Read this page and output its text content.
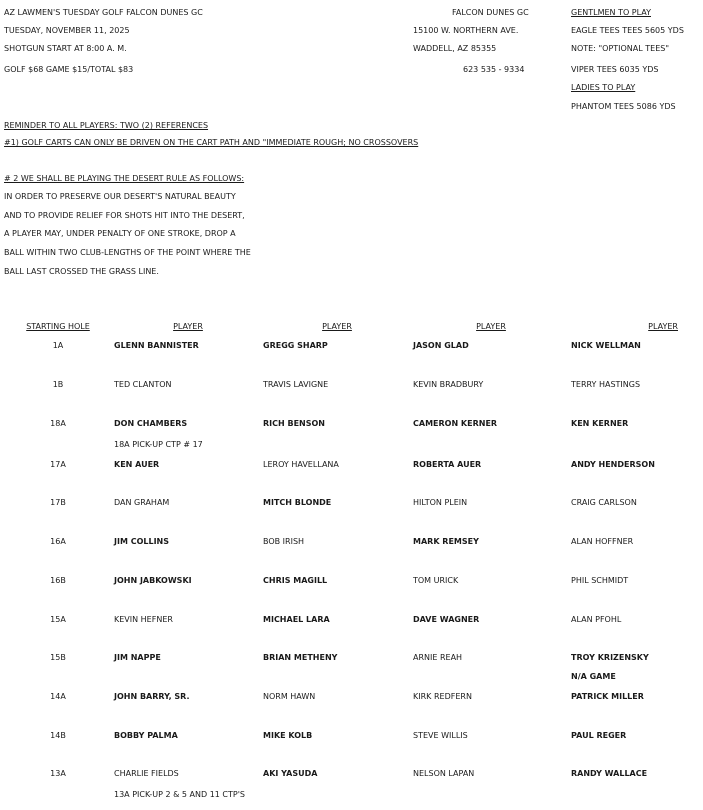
AZ LAWMEN'S TUESDAY GOLF FALCON DUNES GC
TUESDAY, NOVEMBER 11, 2025
SHOTGUN START AT 8:00 A. M.
GOLF $68 GAME $15/TOTAL $83
FALCON DUNES GC
15100 W. NORTHERN AVE.
WADDELL, AZ 85355
623 535 - 9334
GENTLMEN TO PLAY
EAGLE TEES TEES 5605 YDS
NOTE: "OPTIONAL TEES"
VIPER TEES 6035 YDS
LADIES TO PLAY
PHANTOM TEES 5086 YDS
REMINDER TO ALL PLAYERS: TWO (2) REFERENCES
#1) GOLF CARTS CAN ONLY BE DRIVEN ON THE CART PATH AND "IMMEDIATE ROUGH; NO CROSSOVERS
# 2 WE SHALL BE PLAYING THE DESERT RULE AS FOLLOWS:
IN ORDER TO PRESERVE OUR DESERT'S NATURAL BEAUTY
AND TO PROVIDE RELIEF FOR SHOTS HIT INTO THE DESERT,
A PLAYER MAY, UNDER PENALTY OF ONE STROKE, DROP A
BALL WITHIN TWO CLUB-LENGTHS OF THE POINT WHERE THE
BALL LAST CROSSED THE GRASS LINE.
STARTING HOLE	PLAYER	PLAYER	PLAYER	PLAYER
1A	GLENN BANNISTER	GREGG SHARP	JASON GLAD	NICK WELLMAN
1B	TED CLANTON	TRAVIS LAVIGNE	KEVIN BRADBURY	TERRY HASTINGS
18A	DON CHAMBERS	RICH BENSON	CAMERON KERNER	KEN KERNER
18A PICK-UP CTP # 17
17A	KEN AUER	LEROY HAVELLANA	ROBERTA AUER	ANDY HENDERSON
17B	DAN GRAHAM	MITCH BLONDE	HILTON PLEIN	CRAIG CARLSON
16A	JIM COLLINS	BOB IRISH	MARK REMSEY	ALAN HOFFNER
16B	JOHN JABKOWSKI	CHRIS MAGILL	TOM URICK	PHIL SCHMIDT
15A	KEVIN HEFNER	MICHAEL LARA	DAVE WAGNER	ALAN PFOHL
15B	JIM NAPPE	BRIAN METHENY	ARNIE REAH	TROY KRIZENSKY
N/A GAME
14A	JOHN BARRY, SR.	NORM HAWN	KIRK REDFERN	PATRICK MILLER
14B	BOBBY PALMA	MIKE KOLB	STEVE WILLIS	PAUL REGER
13A	CHARLIE FIELDS	AKI YASUDA	NELSON LAPAN	RANDY WALLACE
13A PICK-UP 2 & 5 AND 11 CTP'S
